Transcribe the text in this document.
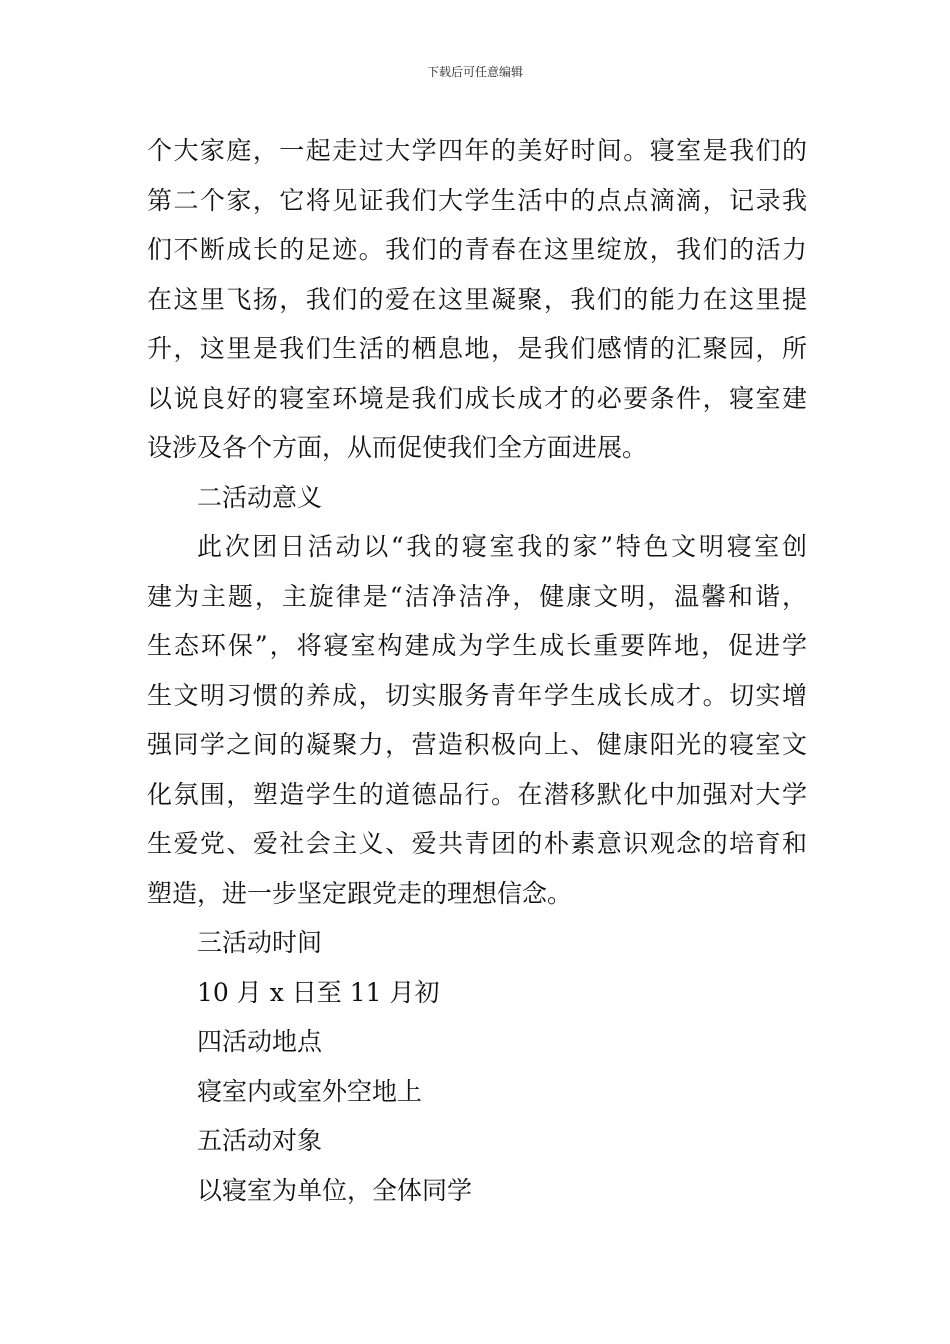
下载后可任意编辑
个大家庭，一起走过大学四年的美好时间。寝室是我们的
第二个家，它将见证我们大学生活中的点点滴滴，记录我
们不断成长的足迹。我们的青春在这里绽放，我们的活力
在这里飞扬，我们的爱在这里凝聚，我们的能力在这里提
升，这里是我们生活的栖息地，是我们感情的汇聚园，所
以说良好的寝室环境是我们成长成才的必要条件，寝室建
设涉及各个方面，从而促使我们全方面进展。
二活动意义
此次团日活动以“我的寝室我的家”特色文明寝室创
建为主题，主旋律是“洁净洁净，健康文明，温馨和谐，
生态环保”，将寝室构建成为学生成长重要阵地，促进学
生文明习惯的养成，切实服务青年学生成长成才。切实增
强同学之间的凝聚力，营造积极向上、健康阳光的寝室文
化氛围，塑造学生的道德品行。在潜移默化中加强对大学
生爱党、爱社会主义、爱共青团的朴素意识观念的培育和
塑造，进一步坚定跟党走的理想信念。
三活动时间
10 月 x 日至 11 月初
四活动地点
寝室内或室外空地上
五活动对象
以寝室为单位，全体同学
